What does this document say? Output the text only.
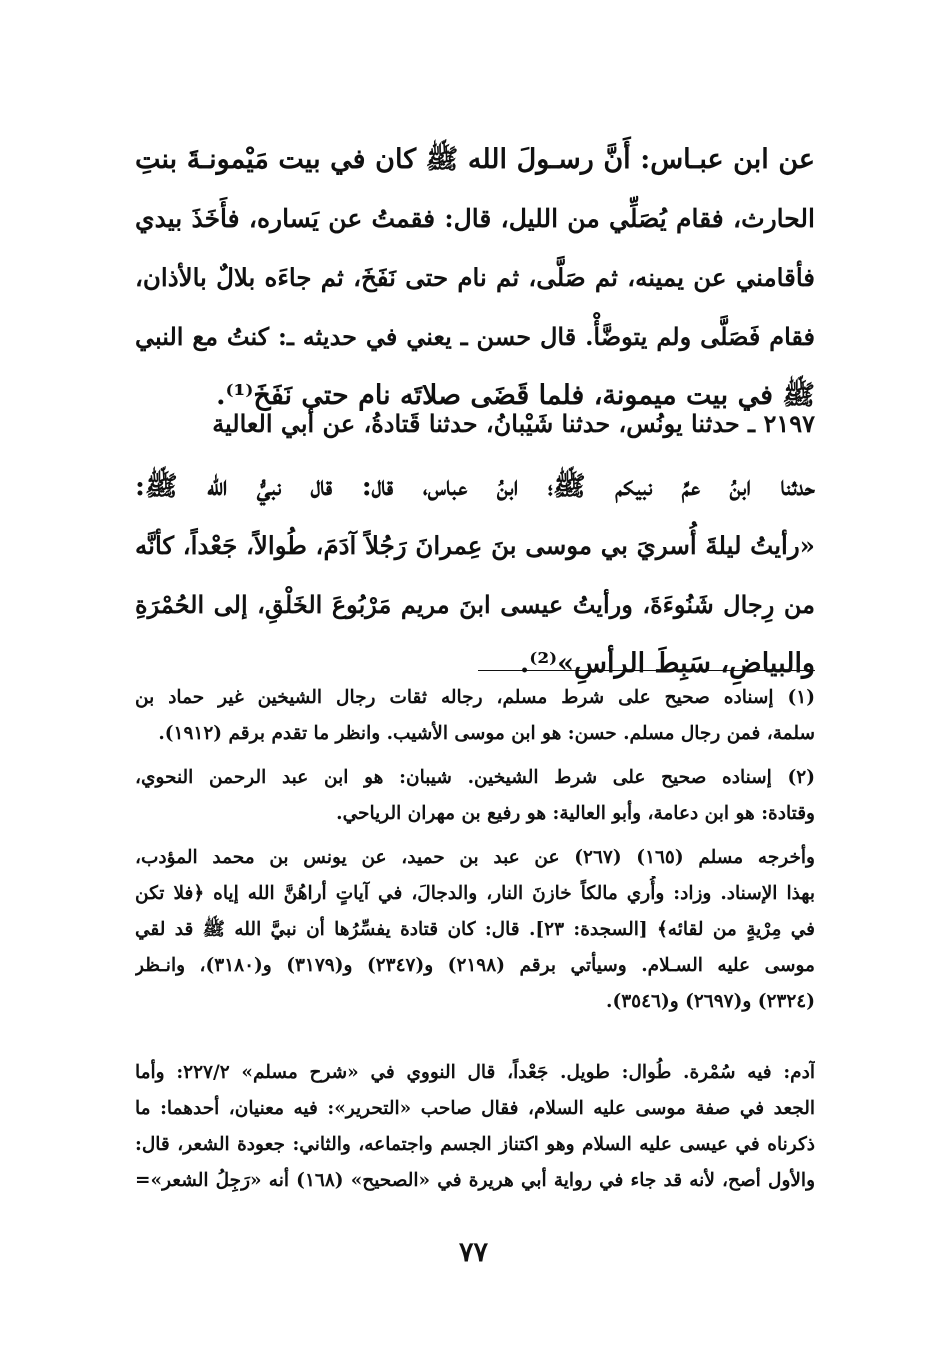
عن ابن عبـاس: أَنَّ رسـولَ الله ﷺ كان في بيت مَيْمونـةَ بنتِ
الحارث، فقام يُصَلِّي من الليل، قال: فقمتُ عن يَساره، فأَخَذَ بيدي
فأقامني عن يمينه، ثم صَلَّى، ثم نام حتى نَفَخَ، ثم جاءَه بلالٌ بالأذان،
فقام فَصَلَّى ولم يتوضَّأْ. قال حسن ـ يعني في حديثه ـ: كنتُ مع النبي
ﷺ في بيت ميمونة، فلما قَضَى صلاتَه نام حتى نَفَخَ⁽¹⁾.
٢١٩٧ ـ حدثنا يونُس، حدثنا شَيْبانُ، حدثنا قَتادةُ، عن أَبي العالية
حدثنا ابنُ عمِّ نبيكم ﷺ؛ ابنُ عباس، قال: قال نبيُّ الله ﷺ:
«رأيتُ ليلةَ أُسريَ بي موسى بنَ عِمرانَ رَجُلاً آدَمَ، طُوالاً، جَعْداً، كأنَّه
من رِجال شَنُوءَةَ، ورأيتُ عيسى ابنَ مريم مَرْبُوعَ الخَلْقِ، إلى الحُمْرَةِ
والبياضِ، سَبِطَ الرأسِ»⁽²⁾.
(١) إسناده صحيح على شرط مسلم، رجاله ثقات رجال الشيخين غير حماد بن
سلمة، فمن رجال مسلم. حسن: هو ابن موسى الأشيب. وانظر ما تقدم برقم (١٩١٢).
(٢) إسناده صحيح على شرط الشيخين. شيبان: هو ابن عبد الرحمن النحوي،
وقتادة: هو ابن دعامة، وأبو العالية: هو رفيع بن مهران الرياحي.
وأخرجه مسلم (١٦٥) (٢٦٧) عن عبد بن حميد، عن يونس بن محمد المؤدب،
بهذا الإسناد. وزاد: وأُري مالكاً خازنَ النار، والدجالَ، في آياتٍ أراهُنَّ الله إياه ﴿فلا تكن
في مِرْيةٍ من لقائه﴾ [السجدة: ٢٣]. قال: كان قتادة يفسِّرُها أن نبيَّ الله ﷺ قد لقي
موسى عليه السـلام. وسيأتي برقم (٢١٩٨) و(٢٣٤٧) و(٣١٧٩) و(٣١٨٠)، وانـظر
(٢٣٢٤) و(٢٦٩٧) و(٣٥٤٦).
آدم: فيه سُمْرة. طُوال: طويل. جَعْداً، قال النووي في «شرح مسلم» ٢٢٧/٢: وأما
الجعد في صفة موسى عليه السلام، فقال صاحب «التحرير»: فيه معنيان، أحدهما: ما
ذكرناه في عيسى عليه السلام وهو اكتناز الجسم واجتماعه، والثاني: جعودة الشعر، قال:
والأول أصح، لأنه قد جاء في رواية أبي هريرة في «الصحيح» (١٦٨) أنه «رَجِلُ الشعر»=
٧٧
